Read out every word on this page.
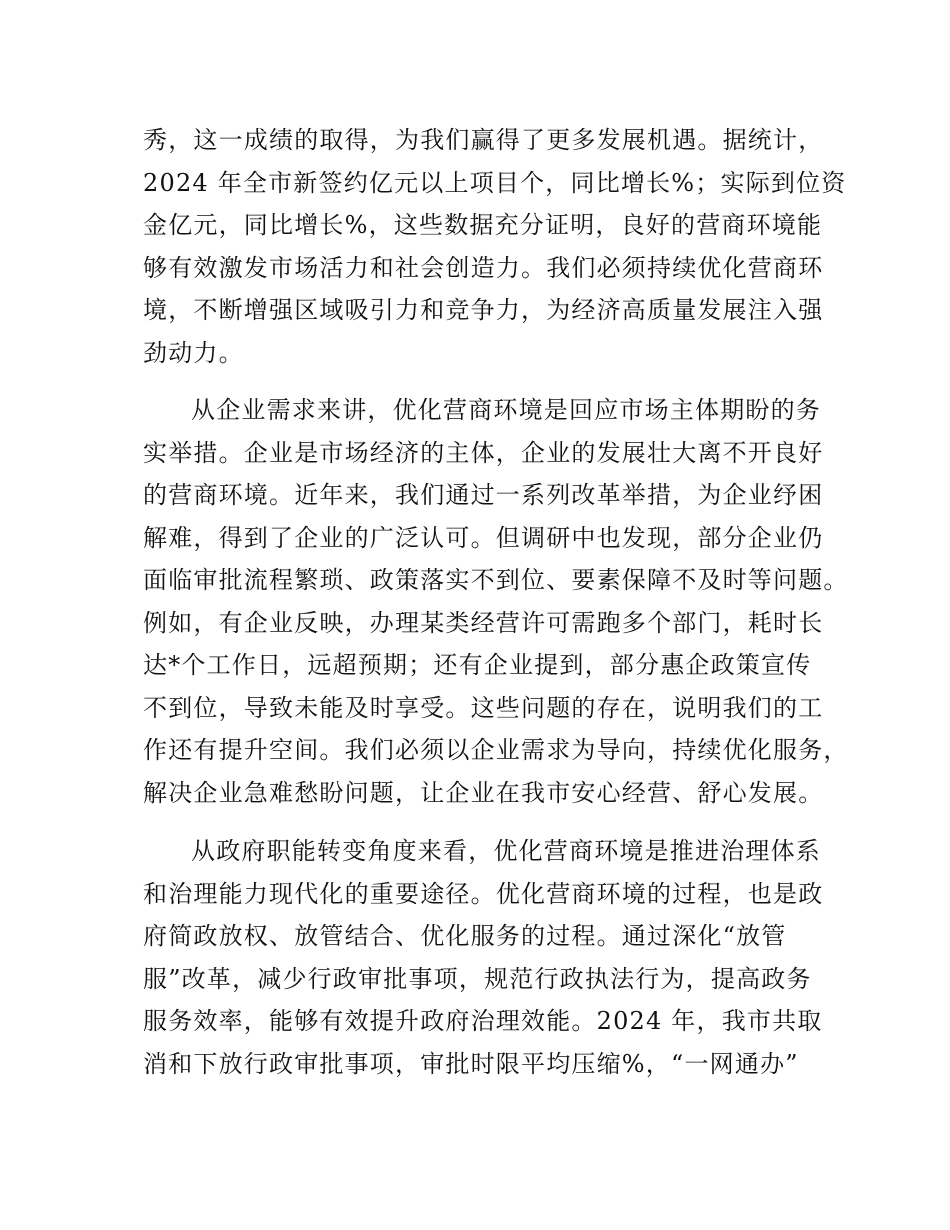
秀，这一成绩的取得，为我们赢得了更多发展机遇。据统计，
2024 年全市新签约亿元以上项目个，同比增长%；实际到位资
金亿元，同比增长%，这些数据充分证明，良好的营商环境能
够有效激发市场活力和社会创造力。我们必须持续优化营商环
境，不断增强区域吸引力和竞争力，为经济高质量发展注入强
劲动力。
从企业需求来讲，优化营商环境是回应市场主体期盼的务
实举措。企业是市场经济的主体，企业的发展壮大离不开良好
的营商环境。近年来，我们通过一系列改革举措，为企业纾困
解难，得到了企业的广泛认可。但调研中也发现，部分企业仍
面临审批流程繁琐、政策落实不到位、要素保障不及时等问题。
例如，有企业反映，办理某类经营许可需跑多个部门，耗时长
达*个工作日，远超预期；还有企业提到，部分惠企政策宣传
不到位，导致未能及时享受。这些问题的存在，说明我们的工
作还有提升空间。我们必须以企业需求为导向，持续优化服务，
解决企业急难愁盼问题，让企业在我市安心经营、舒心发展。
从政府职能转变角度来看，优化营商环境是推进治理体系
和治理能力现代化的重要途径。优化营商环境的过程，也是政
府简政放权、放管结合、优化服务的过程。通过深化“放管
服”改革，减少行政审批事项，规范行政执法行为，提高政务
服务效率，能够有效提升政府治理效能。2024 年，我市共取
消和下放行政审批事项，审批时限平均压缩%，“一网通办”
